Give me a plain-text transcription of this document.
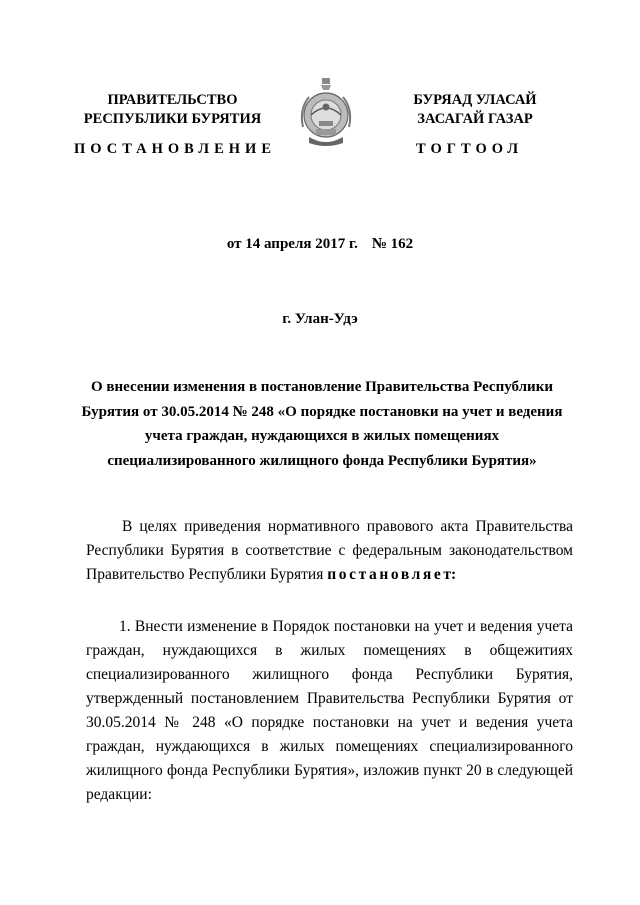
ПРАВИТЕЛЬСТВО
РЕСПУБЛИКИ БУРЯТИЯ
ПОСТАНОВЛЕНИЕ
БУРЯАД УЛАСАЙ
ЗАСАГАЙ ГАЗАР
ТОГТООЛ
от 14 апреля 2017 г. № 162
г. Улан-Удэ
О внесении изменения в постановление Правительства Республики Бурятия от 30.05.2014 № 248 «О порядке постановки на учет и ведения учета граждан, нуждающихся в жилых помещениях специализированного жилищного фонда Республики Бурятия»
В целях приведения нормативного правового акта Правительства Республики Бурятия в соответствие с федеральным законодательством Правительство Республики Бурятия постановляет:
1. Внести изменение в Порядок постановки на учет и ведения учета граждан, нуждающихся в жилых помещениях в общежитиях специализированного жилищного фонда Республики Бурятия, утвержденный постановлением Правительства Республики Бурятия от 30.05.2014 № 248 «О порядке постановки на учет и ведения учета граждан, нуждающихся в жилых помещениях специализированного жилищного фонда Республики Бурятия», изложив пункт 20 в следующей редакции:
